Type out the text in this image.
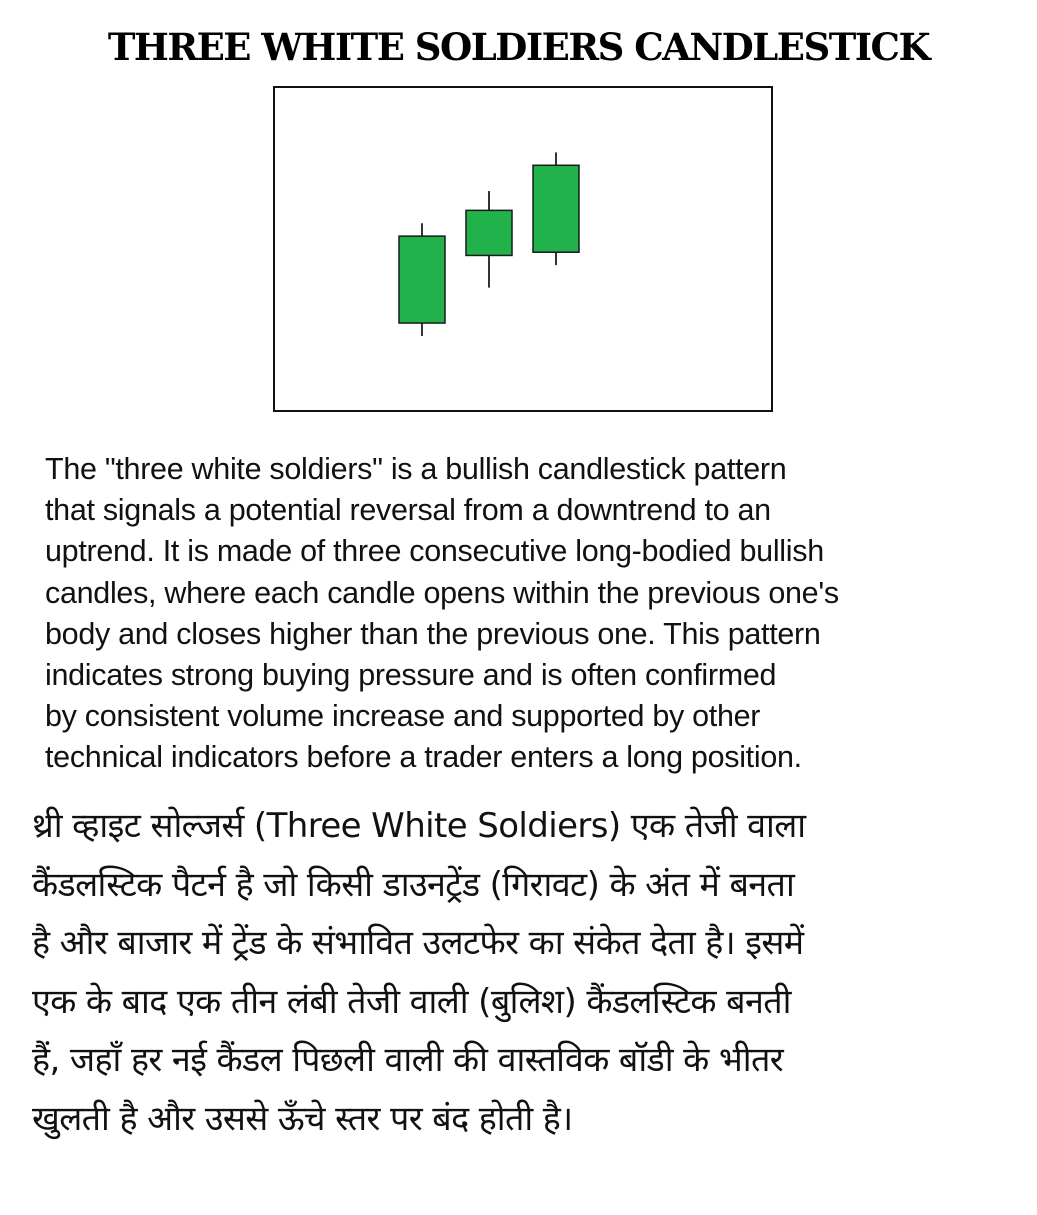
THREE WHITE SOLDIERS CANDLESTICK
The "three white soldiers" is a bullish candlestick pattern
that signals a potential reversal from a downtrend to an
uptrend. It is made of three consecutive long-bodied bullish
candles, where each candle opens within the previous one's
body and closes higher than the previous one. This pattern
indicates strong buying pressure and is often confirmed
by consistent volume increase and supported by other
technical indicators before a trader enters a long position.
थ्री व्हाइट सोल्जर्स (Three White Soldiers) एक तेजी वाला
कैंडलस्टिक पैटर्न है जो किसी डाउनट्रेंड (गिरावट) के अंत में बनता
है और बाजार में ट्रेंड के संभावित उलटफेर का संकेत देता है। इसमें
एक के बाद एक तीन लंबी तेजी वाली (बुलिश) कैंडलस्टिक बनती
हैं, जहाँ हर नई कैंडल पिछली वाली की वास्तविक बॉडी के भीतर
खुलती है और उससे ऊँचे स्तर पर बंद होती है।
